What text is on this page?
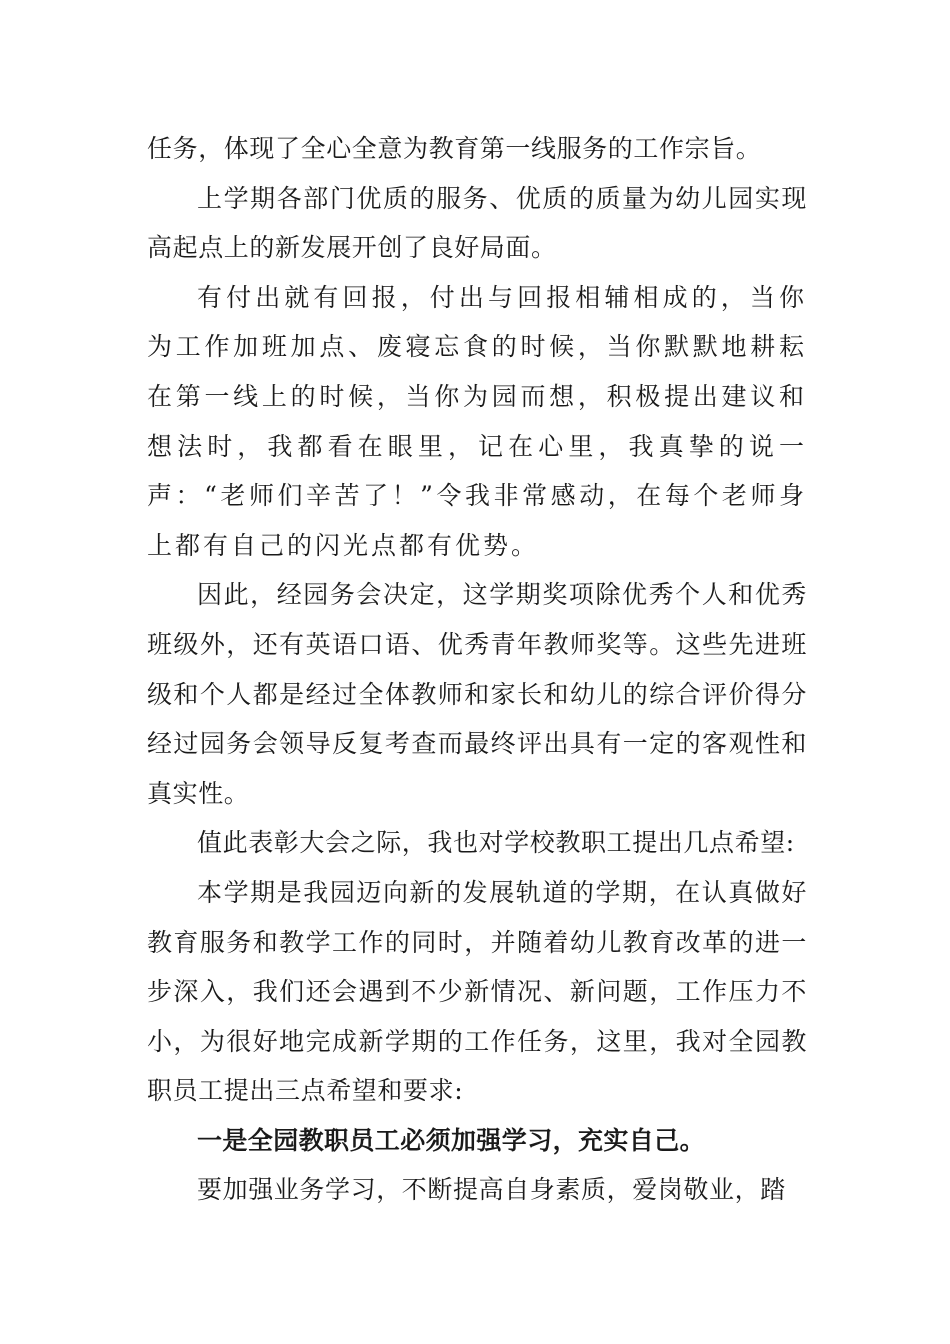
任务，体现了全心全意为教育第一线服务的工作宗旨。

上学期各部门优质的服务、优质的质量为幼儿园实现高起点上的新发展开创了良好局面。

有付出就有回报，付出与回报相辅相成的，当你为工作加班加点、废寝忘食的时候，当你默默地耕耘在第一线上的时候，当你为园而想，积极提出建议和想法时，我都看在眼里，记在心里，我真挚的说一声：“老师们辛苦了！”令我非常感动，在每个老师身上都有自己的闪光点都有优势。

因此，经园务会决定，这学期奖项除优秀个人和优秀班级外，还有英语口语、优秀青年教师奖等。这些先进班级和个人都是经过全体教师和家长和幼儿的综合评价得分经过园务会领导反复考查而最终评出具有一定的客观性和真实性。

值此表彰大会之际，我也对学校教职工提出几点希望:

本学期是我园迈向新的发展轨道的学期，在认真做好教育服务和教学工作的同时，并随着幼儿教育改革的进一步深入，我们还会遇到不少新情况、新问题，工作压力不小，为很好地完成新学期的工作任务，这里，我对全园教职员工提出三点希望和要求:

一是全园教职员工必须加强学习，充实自己。

要加强业务学习，不断提高自身素质，爱岗敬业，踏
